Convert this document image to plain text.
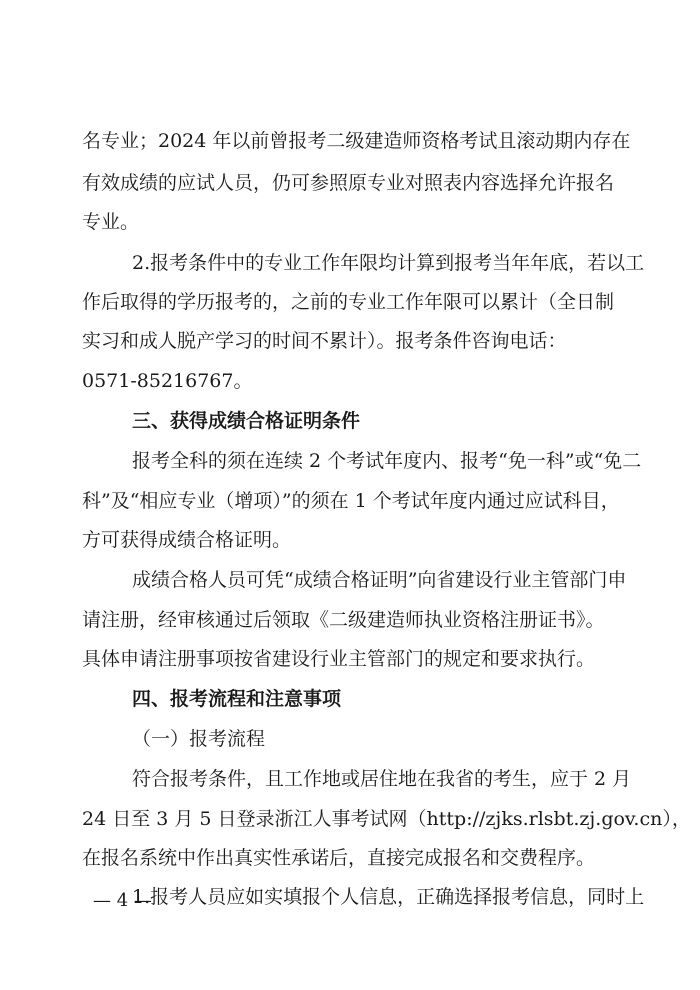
名专业；2024 年以前曾报考二级建造师资格考试且滚动期内存在
有效成绩的应试人员，仍可参照原专业对照表内容选择允许报名
专业。
2.报考条件中的专业工作年限均计算到报考当年年底，若以工
作后取得的学历报考的，之前的专业工作年限可以累计（全日制
实习和成人脱产学习的时间不累计）。报考条件咨询电话：
0571-85216767。
三、获得成绩合格证明条件
报考全科的须在连续 2 个考试年度内、报考“免一科”或“免二
科”及“相应专业（增项）”的须在 1 个考试年度内通过应试科目，
方可获得成绩合格证明。
成绩合格人员可凭“成绩合格证明”向省建设行业主管部门申
请注册，经审核通过后领取《二级建造师执业资格注册证书》。
具体申请注册事项按省建设行业主管部门的规定和要求执行。
四、报考流程和注意事项
（一）报考流程
符合报考条件，且工作地或居住地在我省的考生，应于 2 月
24 日至 3 月 5 日登录浙江人事考试网（http://zjks.rlsbt.zj.gov.cn），
在报名系统中作出真实性承诺后，直接完成报名和交费程序。
1.报考人员应如实填报个人信息，正确选择报考信息，同时上
— 4 —
